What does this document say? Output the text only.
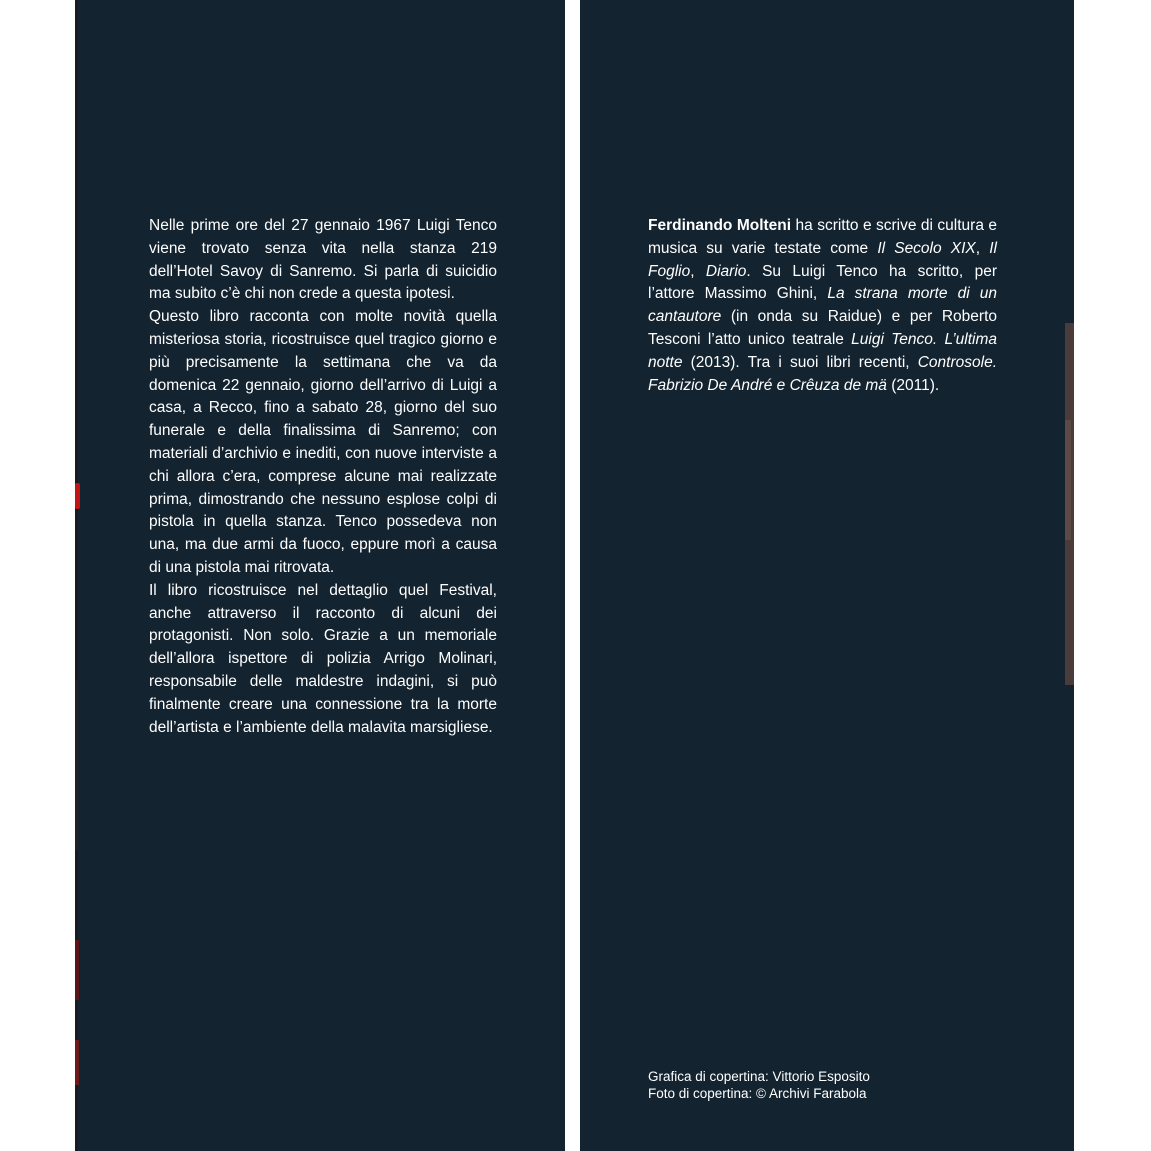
Nelle prime ore del 27 gennaio 1967 Luigi Tenco viene trovato senza vita nella stanza 219 dell’Hotel Savoy di Sanremo. Si parla di suicidio ma subito c’è chi non crede a questa ipotesi.

Questo libro racconta con molte novità quella misteriosa storia, ricostruisce quel tragico giorno e più precisamente la settimana che va da domenica 22 gennaio, giorno dell’arrivo di Luigi a casa, a Recco, fino a sabato 28, giorno del suo funerale e della finalissima di Sanremo; con materiali d’archivio e inediti, con nuove interviste a chi allora c’era, comprese alcune mai realizzate prima, dimostrando che nessuno esplose colpi di pistola in quella stanza. Tenco possedeva non una, ma due armi da fuoco, eppure morì a causa di una pistola mai ritrovata.

Il libro ricostruisce nel dettaglio quel Festival, anche attraverso il racconto di alcuni dei protagonisti. Non solo. Grazie a un memoriale dell’allora ispettore di polizia Arrigo Molinari, responsabile delle maldestre indagini, si può finalmente creare una connessione tra la morte dell’artista e l’ambiente della malavita marsigliese.

Ferdinando Molteni ha scritto e scrive di cultura e musica su varie testate come Il Secolo XIX, Il Foglio, Diario. Su Luigi Tenco ha scritto, per l’attore Massimo Ghini, La strana morte di un cantautore (in onda su Raidue) e per Roberto Tesconi l’atto unico teatrale Luigi Tenco. L’ultima notte (2013). Tra i suoi libri recenti, Controsole. Fabrizio De André e Crêuza de mä (2011).

Grafica di copertina: Vittorio Esposito
Foto di copertina: © Archivi Farabola
